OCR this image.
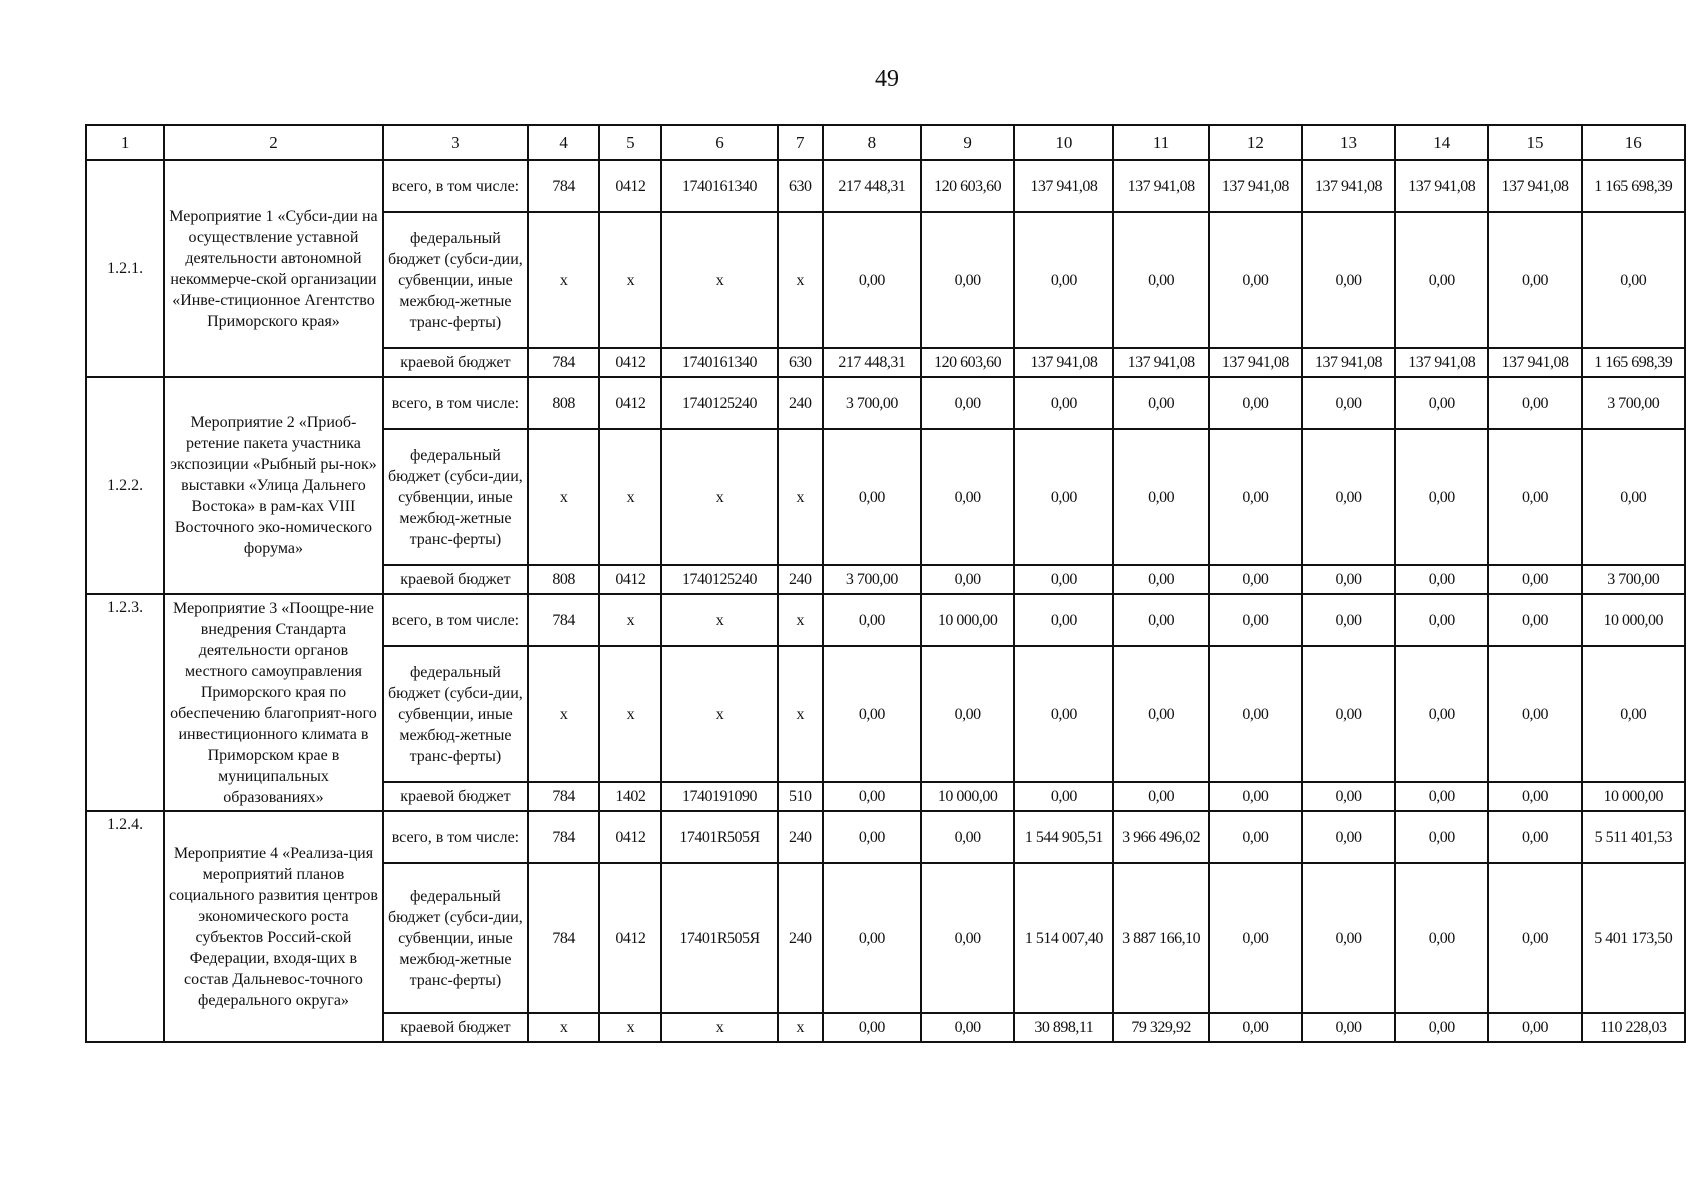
49
1	2	3	4	5	6	7	8	9	10	11	12	13	14	15	16
1.2.1.	Мероприятие 1 «Субси-дии на осуществление уставной деятельности автономной некоммерче-ской организации «Инве-стиционное Агентство Приморского края»	всего, в том числе:	784	0412	1740161340	630	217 448,31	120 603,60	137 941,08	137 941,08	137 941,08	137 941,08	137 941,08	137 941,08	1 165 698,39
		федеральный бюджет (субси-дии, субвенции, иные межбюд-жетные транс-ферты)	х	х	х	х	0,00	0,00	0,00	0,00	0,00	0,00	0,00	0,00	0,00
		краевой бюджет	784	0412	1740161340	630	217 448,31	120 603,60	137 941,08	137 941,08	137 941,08	137 941,08	137 941,08	137 941,08	1 165 698,39
1.2.2.	Мероприятие 2 «Приоб-ретение пакета участника экспозиции «Рыбный ры-нок» выставки «Улица Дальнего Востока» в рам-ках VIII Восточного эко-номического форума»	всего, в том числе:	808	0412	1740125240	240	3 700,00	0,00	0,00	0,00	0,00	0,00	0,00	0,00	3 700,00
		федеральный бюджет (субси-дии, субвенции, иные межбюд-жетные транс-ферты)	х	х	х	х	0,00	0,00	0,00	0,00	0,00	0,00	0,00	0,00	0,00
		краевой бюджет	808	0412	1740125240	240	3 700,00	0,00	0,00	0,00	0,00	0,00	0,00	0,00	3 700,00
1.2.3.	Мероприятие 3 «Поощре-ние внедрения Стандарта деятельности органов местного самоуправления Приморского края по обеспечению благоприят-ного инвестиционного климата в Приморском крае в муниципальных образованиях»	всего, в том числе:	784	х	х	х	0,00	10 000,00	0,00	0,00	0,00	0,00	0,00	0,00	10 000,00
		федеральный бюджет (субси-дии, субвенции, иные межбюд-жетные транс-ферты)	х	х	х	х	0,00	0,00	0,00	0,00	0,00	0,00	0,00	0,00	0,00
		краевой бюджет	784	1402	1740191090	510	0,00	10 000,00	0,00	0,00	0,00	0,00	0,00	0,00	10 000,00
1.2.4.	Мероприятие 4 «Реализа-ция мероприятий планов социального развития центров экономического роста субъектов Россий-ской Федерации, входя-щих в состав Дальневос-точного федерального округа»	всего, в том числе:	784	0412	17401R505Я	240	0,00	0,00	1 544 905,51	3 966 496,02	0,00	0,00	0,00	0,00	5 511 401,53
		федеральный бюджет (субси-дии, субвенции, иные межбюд-жетные транс-ферты)	784	0412	17401R505Я	240	0,00	0,00	1 514 007,40	3 887 166,10	0,00	0,00	0,00	0,00	5 401 173,50
		краевой бюджет	х	х	х	х	0,00	0,00	30 898,11	79 329,92	0,00	0,00	0,00	0,00	110 228,03
